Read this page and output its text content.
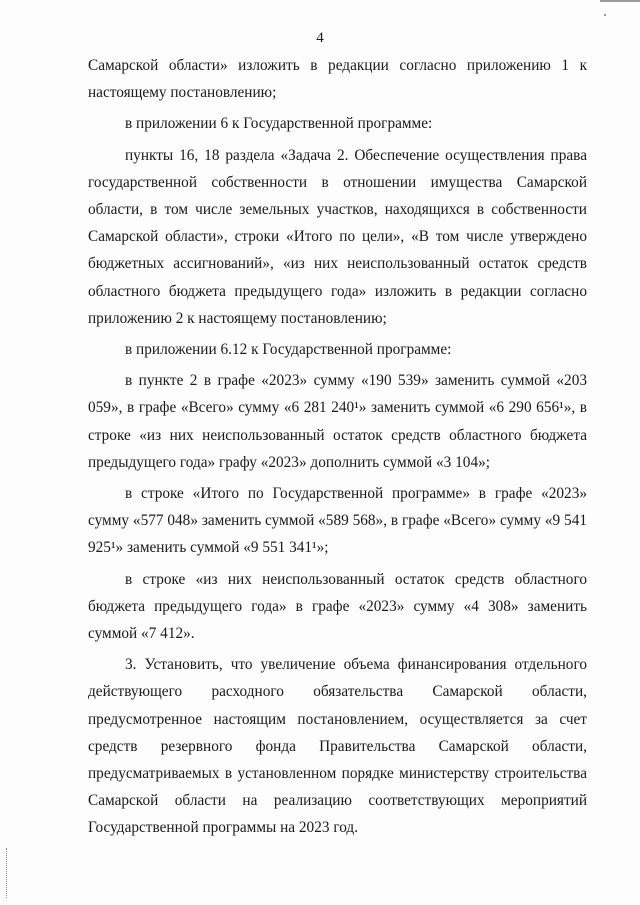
4

Самарской области» изложить в редакции согласно приложению 1 к настоящему постановлению;

в приложении 6 к Государственной программе:

пункты 16, 18 раздела «Задача 2. Обеспечение осуществления права государственной собственности в отношении имущества Самарской области, в том числе земельных участков, находящихся в собственности Самарской области», строки «Итого по цели», «В том числе утверждено бюджетных ассигнований», «из них неиспользованный остаток средств областного бюджета предыдущего года» изложить в редакции согласно приложению 2 к настоящему постановлению;

в приложении 6.12 к Государственной программе:

в пункте 2 в графе «2023» сумму «190 539» заменить суммой «203 059», в графе «Всего» сумму «6 281 240¹» заменить суммой «6 290 656¹», в строке «из них неиспользованный остаток средств областного бюджета предыдущего года» графу «2023» дополнить суммой «3 104»;

в строке «Итого по Государственной программе» в графе «2023» сумму «577 048» заменить суммой «589 568», в графе «Всего» сумму «9 541 925¹» заменить суммой «9 551 341¹»;

в строке «из них неиспользованный остаток средств областного бюджета предыдущего года» в графе «2023» сумму «4 308» заменить суммой «7 412».

3. Установить, что увеличение объема финансирования отдельного действующего расходного обязательства Самарской области, предусмотренное настоящим постановлением, осуществляется за счет средств резервного фонда Правительства Самарской области, предусматриваемых в установленном порядке министерству строительства Самарской области на реализацию соответствующих мероприятий Государственной программы на 2023 год.
